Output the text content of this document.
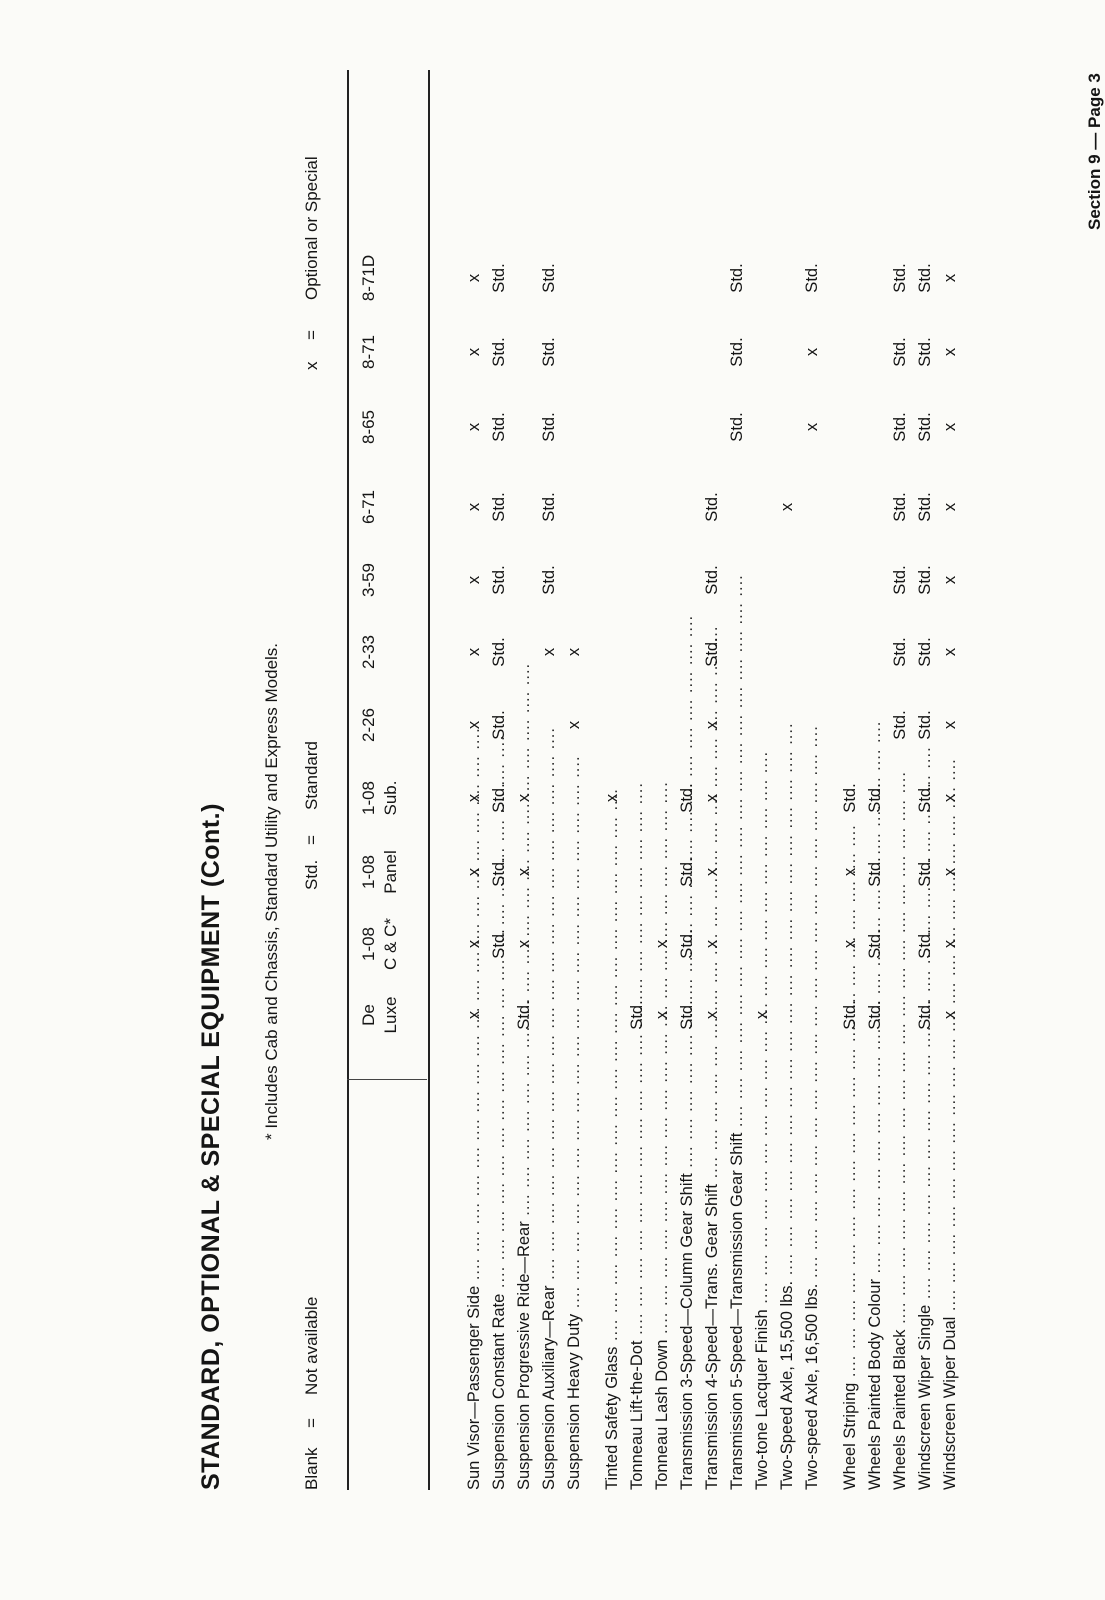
STANDARD, OPTIONAL & SPECIAL EQUIPMENT (Cont.) * Includes Cab and Chassis, Standard Utility and Express Models.
Blank
=
Not available
Std.
=
Standard
x
=
Optional or Special
De Luxe
1-08 C & C*
1-08 Panel
1-08 Sub.
2-26
2-33
3-59
6-71
8-65
8-71
8-71D
Sun Visor—Passenger Side ....
x
x
x
x
x
x
x
x
x
x
x
Suspension Constant Rate ....
Std.
Std.
Std.
Std.
Std.
Std.
Std.
Std.
Std.
Std.
Suspension Progressive Ride—Rear ....
Std.
x
x
x
Suspension Auxiliary—Rear ....
x
Std.
Std.
Std.
Std.
Std.
Suspension Heavy Duty ....
x
x
Tinted Safety Glass ....
x
Tonneau Lift-the-Dot ....
Std.
Tonneau Lash Down ....
x
x
Transmission 3-Speed—Column Gear Shift ....
Std.
Std.
Std.
Std.
Transmission 4-Speed—Trans. Gear Shift ....
x
x
x
x
x
Std.
Std.
Std.
Transmission 5-Speed—Transmission Gear Shift ....
Std.
Std.
Std.
Two-tone Lacquer Finish ....
x
Two-Speed Axle, 15,500 lbs. ....
x
Two-speed Axle, 16,500 lbs. ....
x
x
Std.
Wheel Striping ....
Std.
x
x
Std.
Wheels Painted Body Colour ....
Std.
Std.
Std.
Std.
Wheels Painted Black ....
Std.
Std.
Std.
Std.
Std.
Std.
Std.
Windscreen Wiper Single ....
Std.
Std.
Std.
Std.
Std.
Std.
Std.
Std.
Std.
Std.
Std.
Windscreen Wiper Dual ....
x
x
x
x
x
x
x
x
x
x
x
Section 9 — Page 3
